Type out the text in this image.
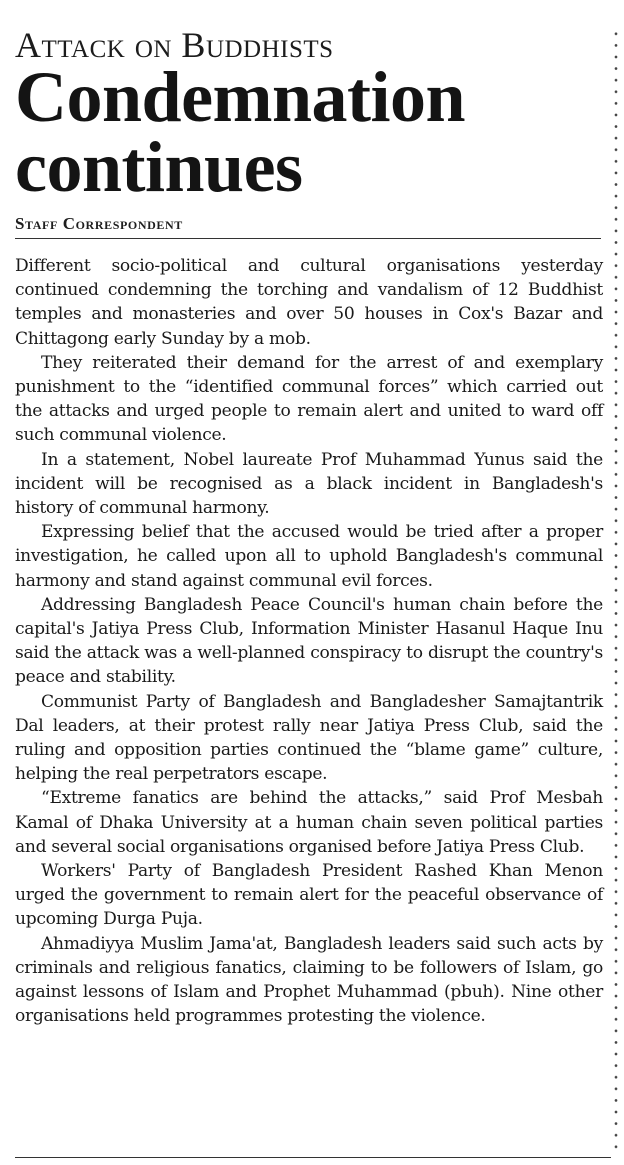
Attack on Buddhists
Condemnation continues
Staff Correspondent

Different socio-political and cultural organisations yesterday continued condemning the torching and vandalism of 12 Buddhist temples and monasteries and over 50 houses in Cox's Bazar and Chittagong early Sunday by a mob.

They reiterated their demand for the arrest of and exemplary punishment to the “identified communal forces” which carried out the attacks and urged people to remain alert and united to ward off such communal violence.

In a statement, Nobel laureate Prof Muhammad Yunus said the incident will be recognised as a black incident in Bangladesh's history of communal harmony.

Expressing belief that the accused would be tried after a proper investigation, he called upon all to uphold Bangladesh's communal harmony and stand against communal evil forces.

Addressing Bangladesh Peace Council's human chain before the capital's Jatiya Press Club, Information Minister Hasanul Haque Inu said the attack was a well-planned conspiracy to disrupt the country's peace and stability.

Communist Party of Bangladesh and Bangladesher Samajtantrik Dal leaders, at their protest rally near Jatiya Press Club, said the ruling and opposition parties continued the “blame game” culture, helping the real perpetrators escape.

“Extreme fanatics are behind the attacks,” said Prof Mesbah Kamal of Dhaka University at a human chain seven political parties and several social organisations organised before Jatiya Press Club.

Workers' Party of Bangladesh President Rashed Khan Menon urged the government to remain alert for the peaceful observance of upcoming Durga Puja.

Ahmadiyya Muslim Jama'at, Bangladesh leaders said such acts by criminals and religious fanatics, claiming to be followers of Islam, go against lessons of Islam and Prophet Muhammad (pbuh). Nine other organisations held programmes protesting the violence.
